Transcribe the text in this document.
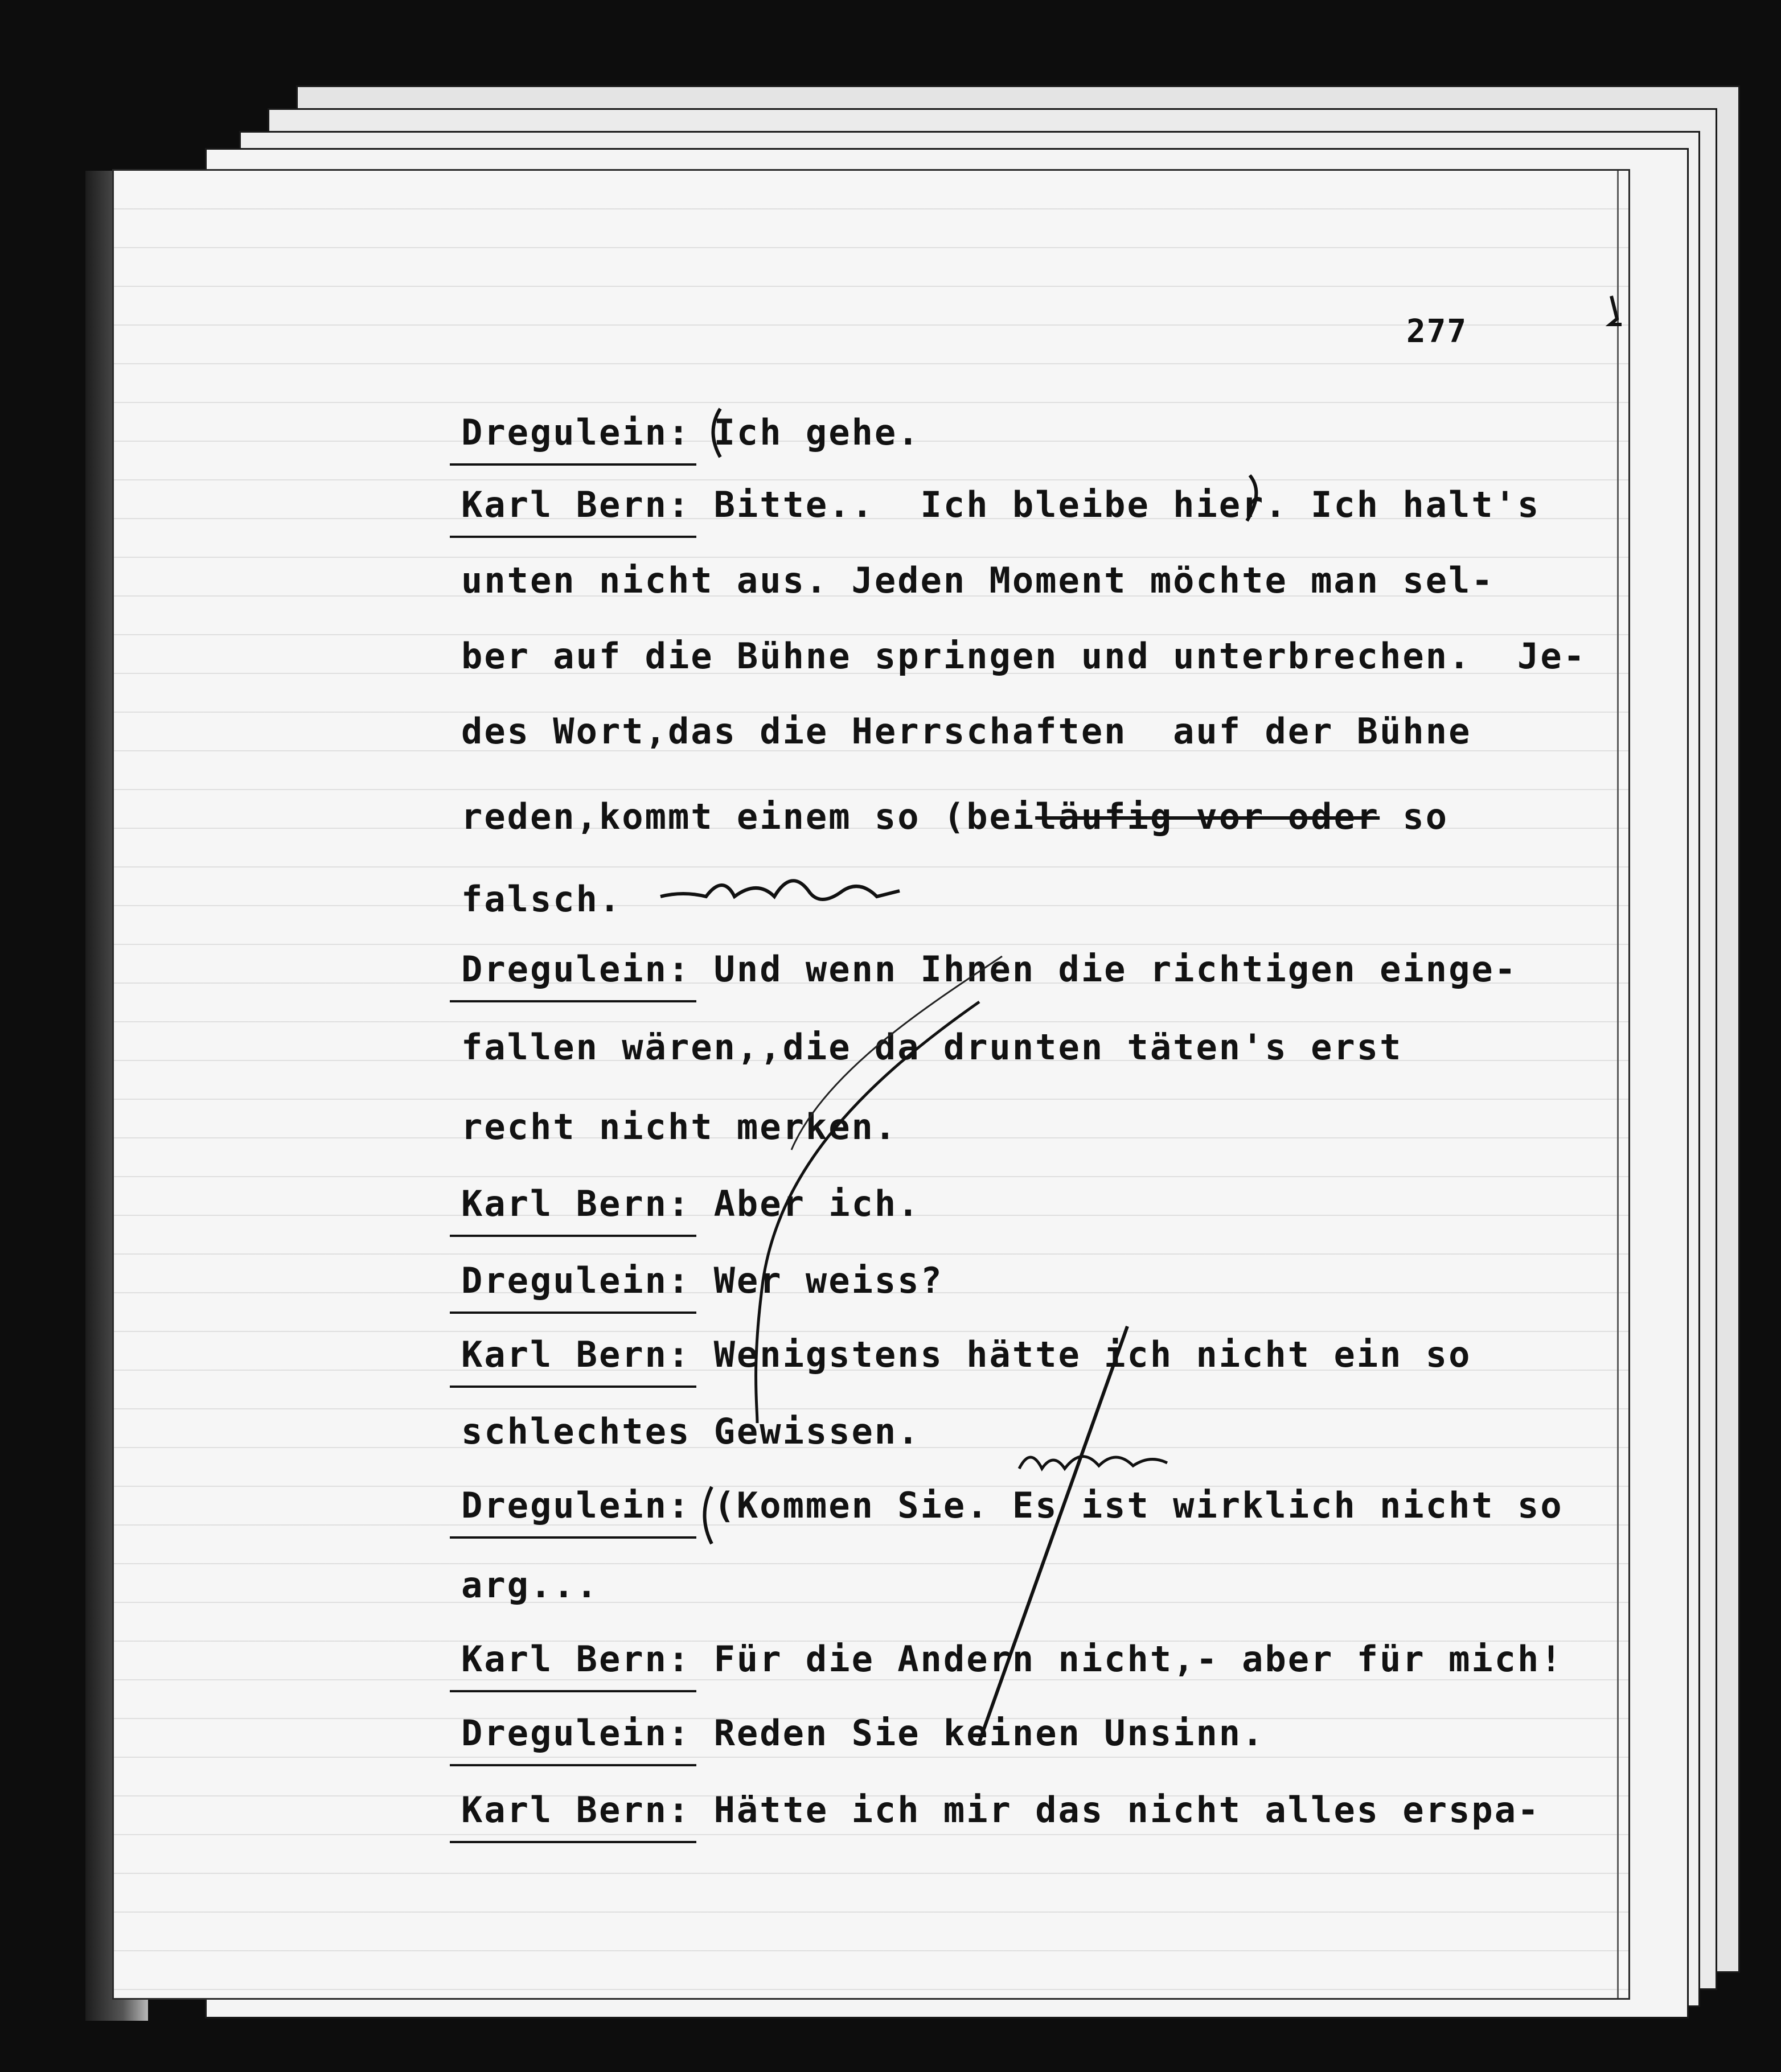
277

Dregulein: Ich gehe.
Karl Bern: Bitte..  Ich bleibe hier. Ich halt's
unten nicht aus. Jeden Moment möchte man sel-
ber auf die Bühne springen und unterbrechen.  Je-
des Wort,das die Herrschaften  auf der Bühne
reden,kommt einem so (beiläufig vor oder so
falsch.
Dregulein: Und wenn Ihnen die richtigen einge-
fallen wären,,die da drunten täten's erst
recht nicht merken.
Karl Bern: Aber ich.
Dregulein: Wer weiss?
Karl Bern: Wenigstens hätte ich nicht ein so
schlechtes Gewissen.
Dregulein: (Kommen Sie. Es ist wirklich nicht so
arg...
Karl Bern: Für die Andern nicht,- aber für mich!
Dregulein: Reden Sie keinen Unsinn.
Karl Bern: Hätte ich mir das nicht alles erspa-
